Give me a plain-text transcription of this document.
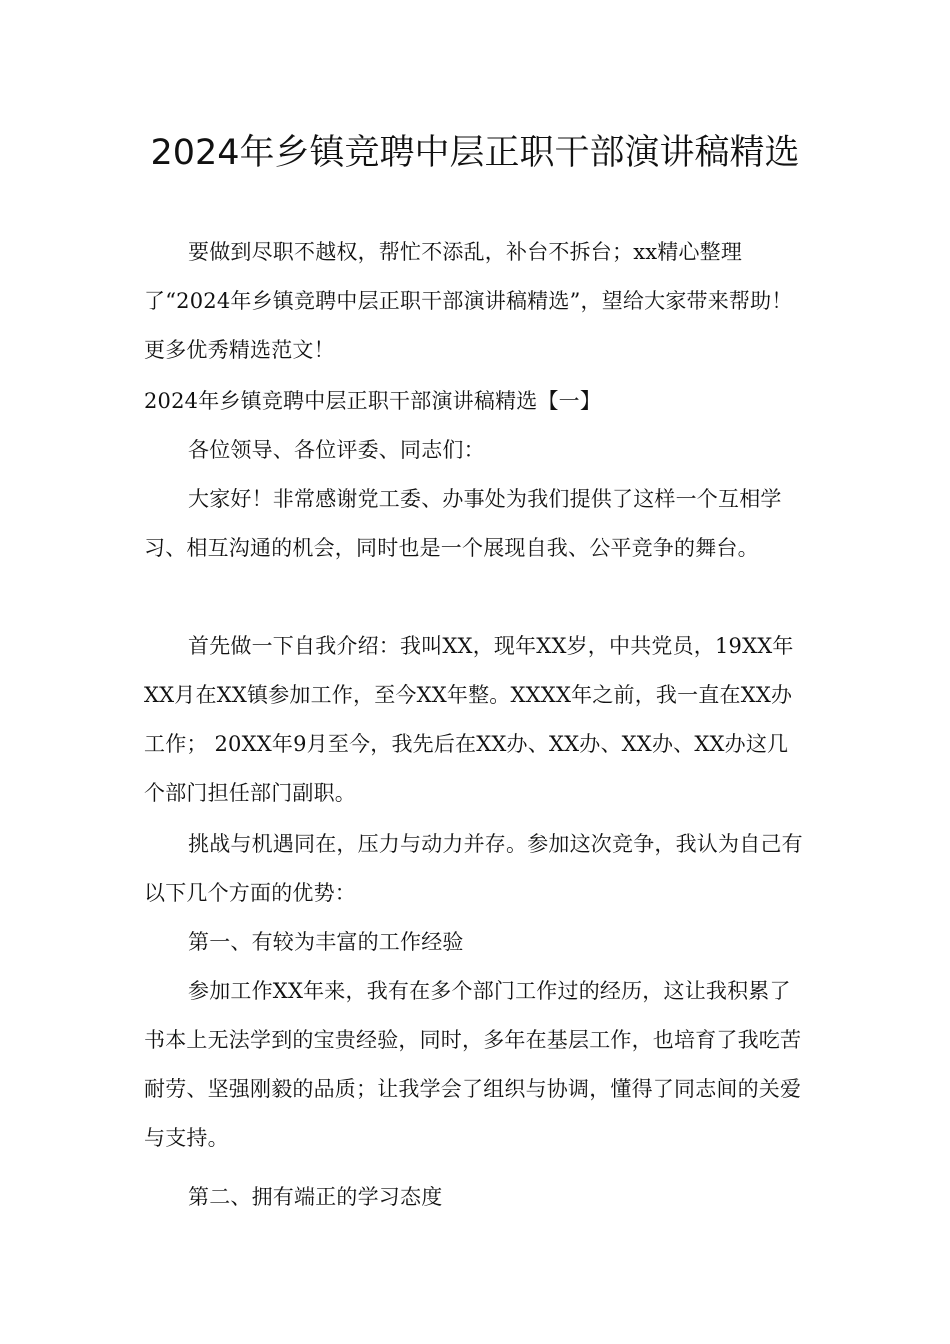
2024年乡镇竞聘中层正职干部演讲稿精选

要做到尽职不越权，帮忙不添乱，补台不拆台；xx精心整理了“2024年乡镇竞聘中层正职干部演讲稿精选”，望给大家带来帮助！更多优秀精选范文！

2024年乡镇竞聘中层正职干部演讲稿精选【一】

各位领导、各位评委、同志们：

大家好！非常感谢党工委、办事处为我们提供了这样一个互相学习、相互沟通的机会，同时也是一个展现自我、公平竞争的舞台。

首先做一下自我介绍：我叫XX，现年XX岁，中共党员，19XX年XX月在XX镇参加工作，至今XX年整。XXXX年之前，我一直在XX办工作； 20XX年9月至今，我先后在XX办、XX办、XX办、XX办这几个部门担任部门副职。

挑战与机遇同在，压力与动力并存。参加这次竞争，我认为自己有以下几个方面的优势：

第一、有较为丰富的工作经验

参加工作XX年来，我有在多个部门工作过的经历，这让我积累了书本上无法学到的宝贵经验，同时，多年在基层工作，也培育了我吃苦耐劳、坚强刚毅的品质；让我学会了组织与协调，懂得了同志间的关爱与支持。

第二、拥有端正的学习态度
